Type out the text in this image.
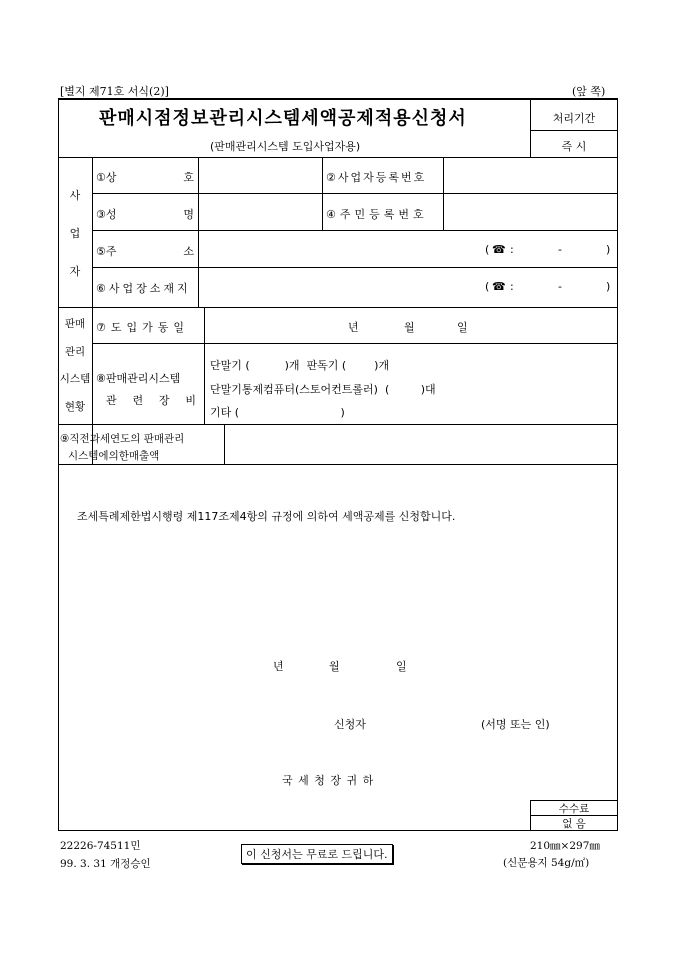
[별지 제71호 서식(2)]	(앞 쪽)
판매시점정보관리시스템세액공제적용신청서
(판매관리시스템 도입사업자용)
처리기간
즉 시
사
업
자
①상	호	②사업자등록번호
③성	명	④주민등록번호
⑤주	소	( ☎ :	-	)
⑥사업장소재지	( ☎ :	-	)
판매
관리
시스템
현황
⑦도입가동일	년	월	일
⑧판매관리시스템
관 련 장 비
단말기 (          )개  판독기 (        )개
단말기통제컴퓨터(스토어컨트롤러)  (         )대
기타 (                             )
⑨직전과세연도의 판매관리
시스템에의한매출액
조세특례제한법시행령 제117조제4항의 규정에 의하여 세액공제를 신청합니다.
년	월	일
신청자	(서명 또는 인)
국 세 청 장 귀 하
수수료
없 음
22226-74511민
99. 3. 31 개정승인
이 신청서는 무료로 드립니다.
210㎜×297㎜
(신문용지 54g/㎡)
